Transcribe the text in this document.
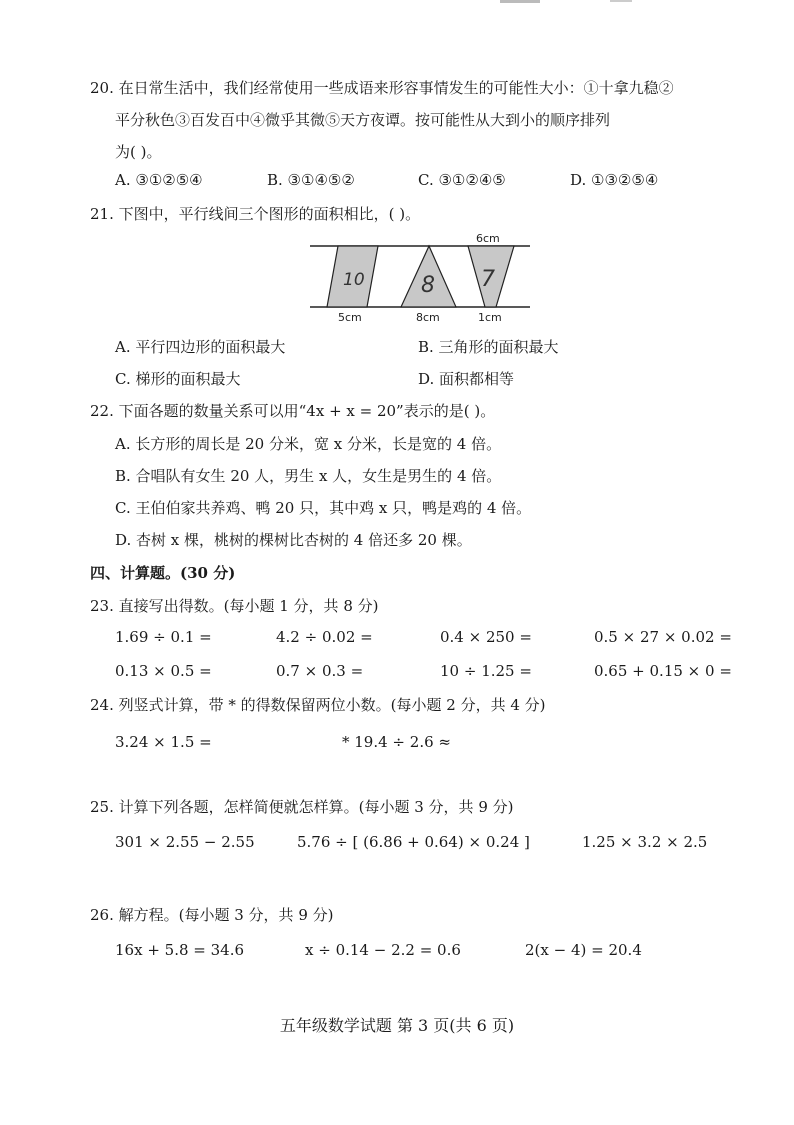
20. 在日常生活中，我们经常使用一些成语来形容事情发生的可能性大小：①十拿九稳②
平分秋色③百发百中④微乎其微⑤天方夜谭。按可能性从大到小的顺序排列
为( )。
A. ③①②⑤④	B. ③①④⑤②	C. ③①②④⑤	D. ①③②⑤④
21. 下图中，平行线间三个图形的面积相比，( )。
6cm
5cm	8cm	1cm
10	8 7
A. 平行四边形的面积最大	B. 三角形的面积最大
C. 梯形的面积最大	D. 面积都相等
22. 下面各题的数量关系可以用“4x + x = 20”表示的是( )。
A. 长方形的周长是 20 分米，宽 x 分米，长是宽的 4 倍。
B. 合唱队有女生 20 人，男生 x 人，女生是男生的 4 倍。
C. 王伯伯家共养鸡、鸭 20 只，其中鸡 x 只，鸭是鸡的 4 倍。
D. 杏树 x 棵，桃树的棵树比杏树的 4 倍还多 20 棵。
四、计算题。(30 分)
23. 直接写出得数。(每小题 1 分，共 8 分)
1.69 ÷ 0.1 =	4.2 ÷ 0.02 =	0.4 × 250 =	0.5 × 27 × 0.02 =
0.13 × 0.5 =	0.7 × 0.3 =	10 ÷ 1.25 =	0.65 + 0.15 × 0 =
24. 列竖式计算，带 * 的得数保留两位小数。(每小题 2 分，共 4 分)
3.24 × 1.5 =	* 19.4 ÷ 2.6 ≈
25. 计算下列各题，怎样简便就怎样算。(每小题 3 分，共 9 分)
301 × 2.55 − 2.55	5.76 ÷ [ (6.86 + 0.64) × 0.24 ]	1.25 × 3.2 × 2.5
26. 解方程。(每小题 3 分，共 9 分)
16x + 5.8 = 34.6	x ÷ 0.14 − 2.2 = 0.6	2(x − 4) = 20.4
五年级数学试题 第 3 页(共 6 页)
